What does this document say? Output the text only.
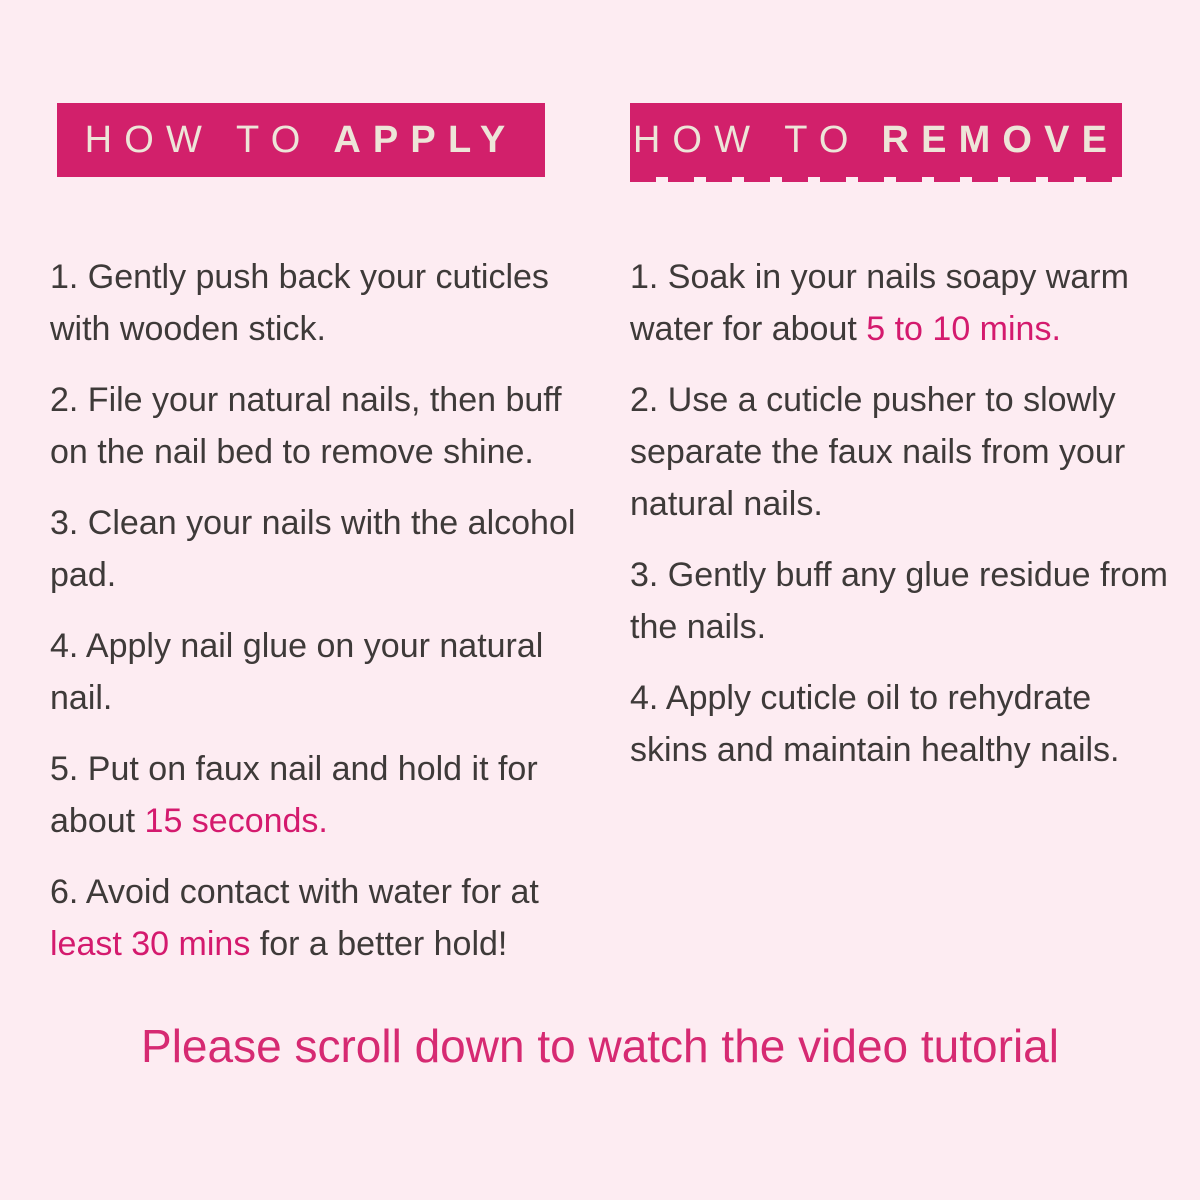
HOW TO APPLY

1. Gently push back your cuticles with wooden stick.

2. File your natural nails, then buff on the nail bed to remove shine.

3. Clean your nails with the alcohol pad.

4. Apply nail glue on your natural nail.

5. Put on faux nail and hold it for about 15 seconds.

6. Avoid contact with water for at least 30 mins for a better hold!

HOW TO REMOVE

1. Soak in your nails soapy warm water for about 5 to 10 mins.

2. Use a cuticle pusher to slowly separate the faux nails from your natural nails.

3. Gently buff any glue residue from the nails.

4. Apply cuticle oil to rehydrate skins and maintain healthy nails.

Please scroll down to watch the video tutorial
